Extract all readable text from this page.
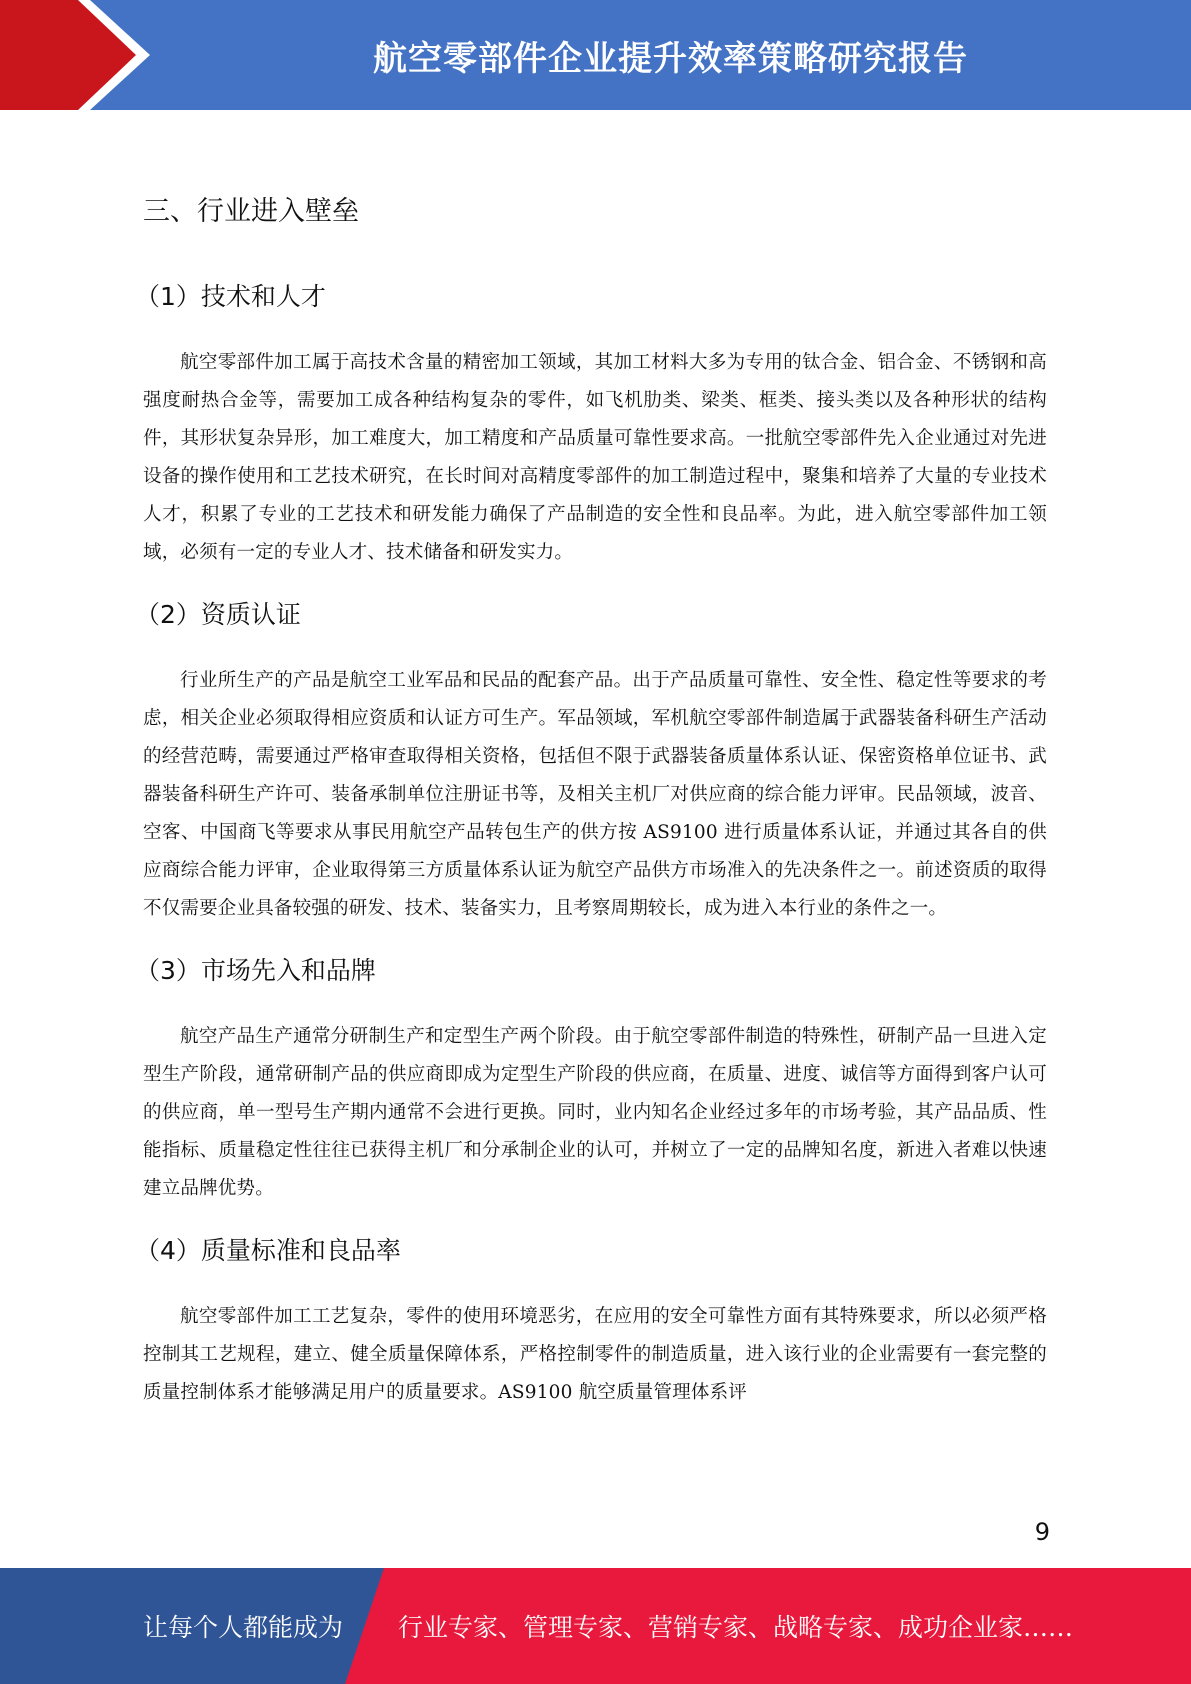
航空零部件企业提升效率策略研究报告
三、行业进入壁垒
（1）技术和人才

航空零部件加工属于高技术含量的精密加工领域，其加工材料大多为专用的钛合金、铝合金、不锈钢和高强度耐热合金等，需要加工成各种结构复杂的零件，如飞机肋类、梁类、框类、接头类以及各种形状的结构件，其形状复杂异形，加工难度大，加工精度和产品质量可靠性要求高。一批航空零部件先入企业通过对先进设备的操作使用和工艺技术研究，在长时间对高精度零部件的加工制造过程中，聚集和培养了大量的专业技术人才，积累了专业的工艺技术和研发能力确保了产品制造的安全性和良品率。为此，进入航空零部件加工领域，必须有一定的专业人才、技术储备和研发实力。

（2）资质认证

行业所生产的产品是航空工业军品和民品的配套产品。出于产品质量可靠性、安全性、稳定性等要求的考虑，相关企业必须取得相应资质和认证方可生产。军品领域，军机航空零部件制造属于武器装备科研生产活动的经营范畴，需要通过严格审查取得相关资格，包括但不限于武器装备质量体系认证、保密资格单位证书、武器装备科研生产许可、装备承制单位注册证书等，及相关主机厂对供应商的综合能力评审。民品领域，波音、空客、中国商飞等要求从事民用航空产品转包生产的供方按 AS9100 进行质量体系认证，并通过其各自的供应商综合能力评审，企业取得第三方质量体系认证为航空产品供方市场准入的先决条件之一。前述资质的取得不仅需要企业具备较强的研发、技术、装备实力，且考察周期较长，成为进入本行业的条件之一。

（3）市场先入和品牌

航空产品生产通常分研制生产和定型生产两个阶段。由于航空零部件制造的特殊性，研制产品一旦进入定型生产阶段，通常研制产品的供应商即成为定型生产阶段的供应商，在质量、进度、诚信等方面得到客户认可的供应商，单一型号生产期内通常不会进行更换。同时，业内知名企业经过多年的市场考验，其产品品质、性能指标、质量稳定性往往已获得主机厂和分承制企业的认可，并树立了一定的品牌知名度，新进入者难以快速建立品牌优势。

（4）质量标准和良品率

航空零部件加工工艺复杂，零件的使用环境恶劣，在应用的安全可靠性方面有其特殊要求，所以必须严格控制其工艺规程，建立、健全质量保障体系，严格控制零件的制造质量，进入该行业的企业需要有一套完整的质量控制体系才能够满足用户的质量要求。AS9100 航空质量管理体系评

9
让每个人都能成为 行业专家、管理专家、营销专家、战略专家、成功企业家……
